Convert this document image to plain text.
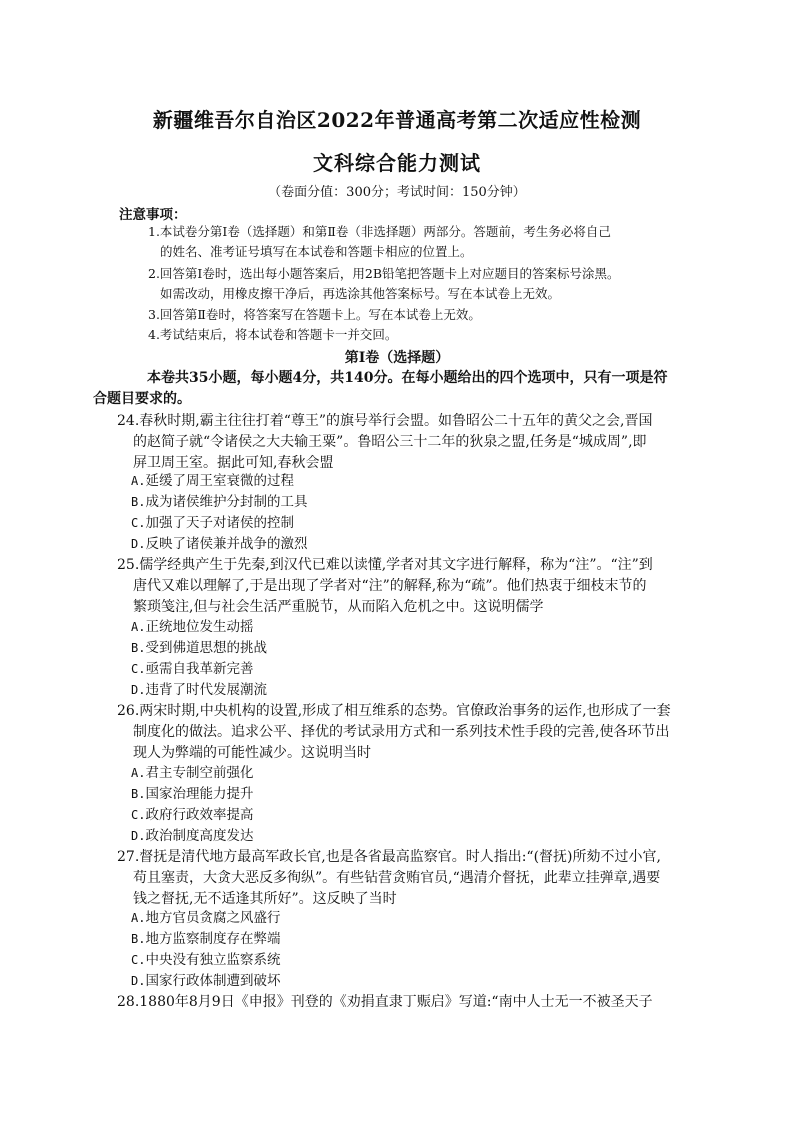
新疆维吾尔自治区2022年普通高考第二次适应性检测
文科综合能力测试
（卷面分值：300分；考试时间：150分钟）
注意事项：
1.本试卷分第Ⅰ卷（选择题）和第Ⅱ卷（非选择题）两部分。答题前，考生务必将自己
的姓名、准考证号填写在本试卷和答题卡相应的位置上。
2.回答第Ⅰ卷时，选出每小题答案后，用2B铅笔把答题卡上对应题目的答案标号涂黑。
如需改动，用橡皮擦干净后，再选涂其他答案标号。写在本试卷上无效。
3.回答第Ⅱ卷时，将答案写在答题卡上。写在本试卷上无效。
4.考试结束后，将本试卷和答题卡一并交回。
第Ⅰ卷（选择题）
本卷共35小题，每小题4分，共140分。在每小题给出的四个选项中，只有一项是符
合题目要求的。
24.春秋时期,霸主往往打着“尊王”的旗号举行会盟。如鲁昭公二十五年的黄父之会,晋国
的赵简子就“令诸侯之大夫输王粟”。鲁昭公三十二年的狄泉之盟,任务是“城成周”,即
屏卫周王室。据此可知,春秋会盟
A.延缓了周王室衰微的过程
B.成为诸侯维护分封制的工具
C.加强了天子对诸侯的控制
D.反映了诸侯兼并战争的激烈
25.儒学经典产生于先秦,到汉代已难以读懂,学者对其文字进行解释，称为“注”。“注”到
唐代又难以理解了,于是出现了学者对“注”的解释,称为“疏”。他们热衷于细枝末节的
繁琐笺注,但与社会生活严重脱节，从而陷入危机之中。这说明儒学
A.正统地位发生动摇
B.受到佛道思想的挑战
C.亟需自我革新完善
D.违背了时代发展潮流
26.两宋时期,中央机构的设置,形成了相互维系的态势。官僚政治事务的运作,也形成了一套
制度化的做法。追求公平、择优的考试录用方式和一系列技术性手段的完善,使各环节出
现人为弊端的可能性减少。这说明当时
A.君主专制空前强化
B.国家治理能力提升
C.政府行政效率提高
D.政治制度高度发达
27.督抚是清代地方最高军政长官,也是各省最高监察官。时人指出:“(督抚)所劾不过小官,
苟且塞责，大贪大恶反多徇纵”。有些钻营贪贿官员,“遇清介督抚，此辈立挂弹章,遇要
钱之督抚,无不适逢其所好”。这反映了当时
A.地方官员贪腐之风盛行
B.地方监察制度存在弊端
C.中央没有独立监察系统
D.国家行政体制遭到破坏
28.1880年8月9日《申报》刊登的《劝捐直隶丁赈启》写道:“南中人士无一不被圣天子
